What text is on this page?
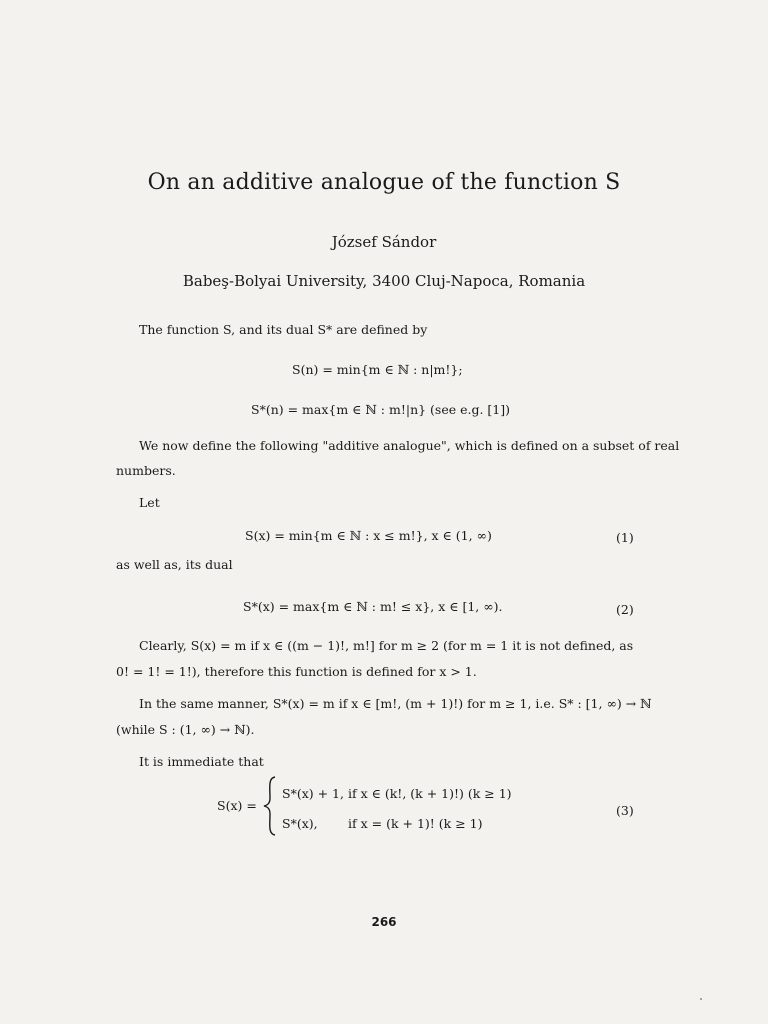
On an additive analogue of the function S
József Sándor
Babeş-Bolyai University, 3400 Cluj-Napoca, Romania
The function S, and its dual S* are defined by
S(n) = min{m ∈ ℕ : n|m!};
S*(n) = max{m ∈ ℕ : m!|n} (see e.g. [1])
We now define the following "additive analogue", which is defined on a subset of real
numbers.
Let
S(x) = min{m ∈ ℕ : x ≤ m!}, x ∈ (1, ∞)	(1)
as well as, its dual
S*(x) = max{m ∈ ℕ : m! ≤ x}, x ∈ [1, ∞).	(2)
Clearly, S(x) = m if x ∈ ((m − 1)!, m!] for m ≥ 2 (for m = 1 it is not defined, as
0! = 1! = 1!), therefore this function is defined for x > 1.
In the same manner, S*(x) = m if x ∈ [m!, (m + 1)!) for m ≥ 1, i.e. S* : [1, ∞) → ℕ
(while S : (1, ∞) → ℕ).
It is immediate that
S(x) =
S*(x) + 1, if x ∈ (k!, (k + 1)!) (k ≥ 1)
S*(x), if x = (k + 1)! (k ≥ 1)
(3)
266
